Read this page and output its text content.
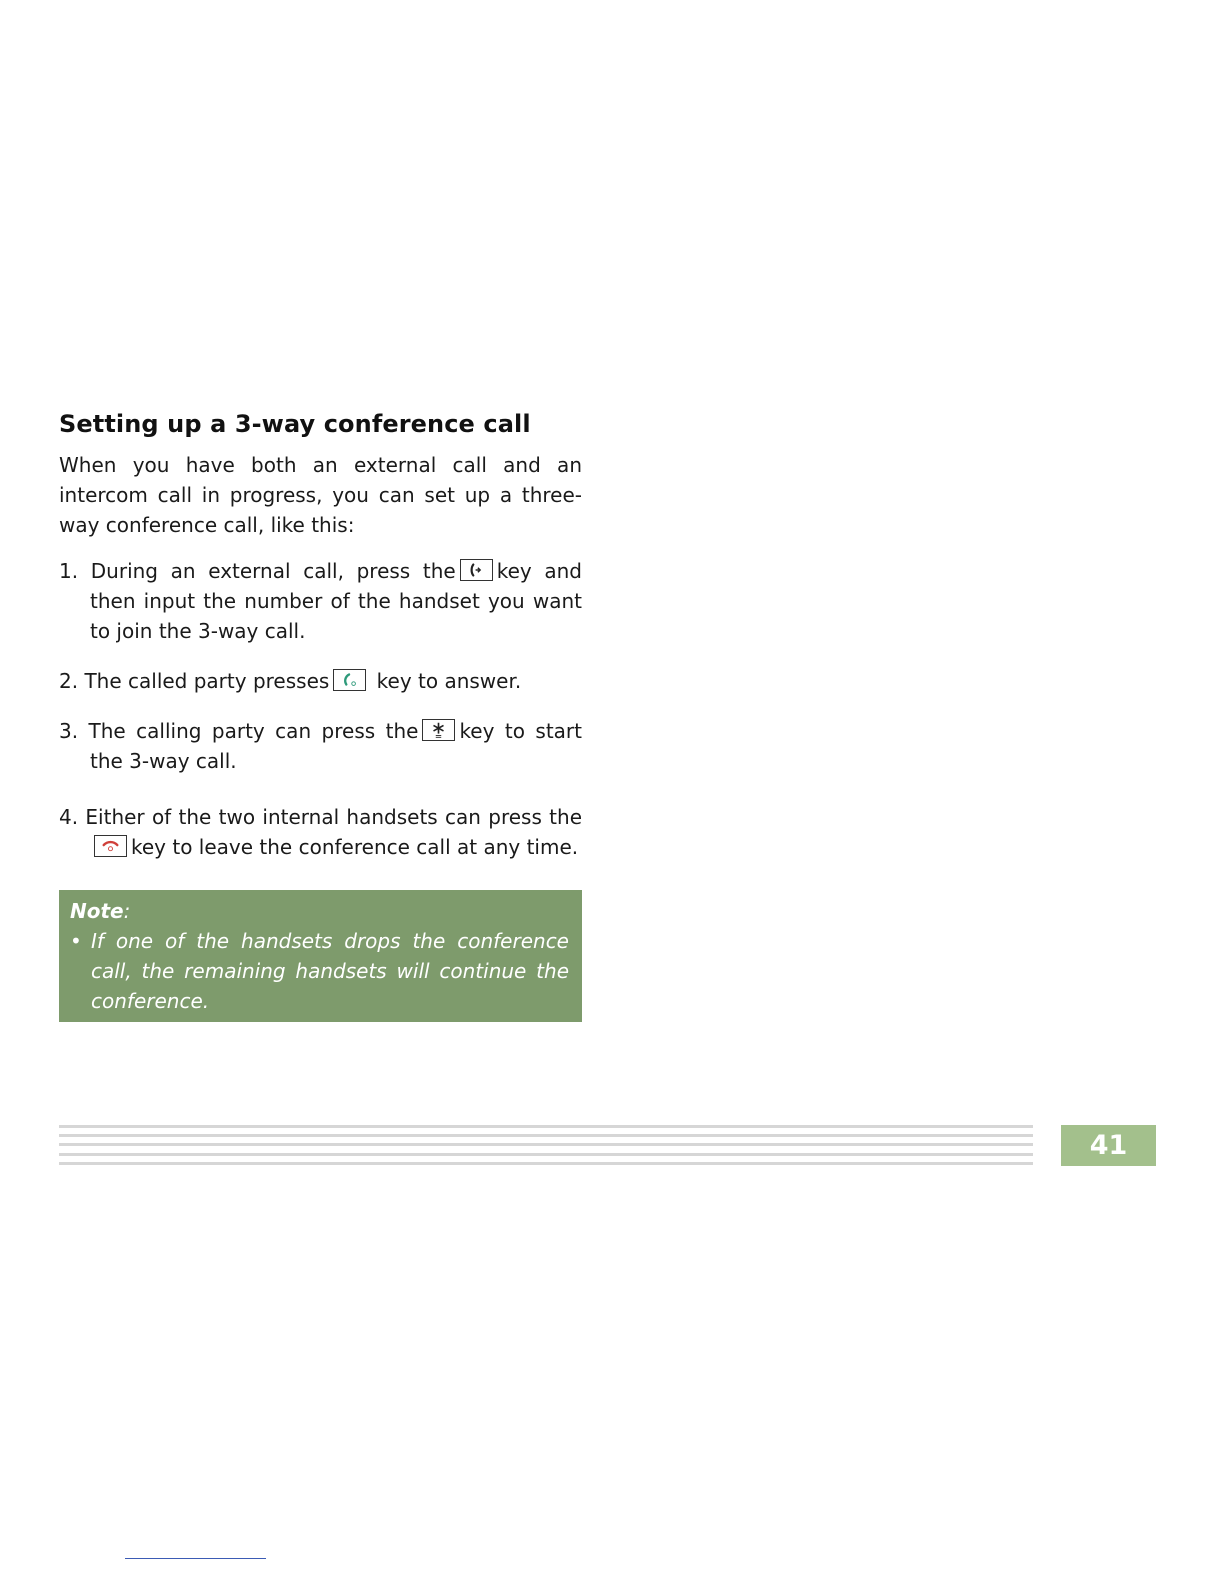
Setting up a 3-way conference call

When you have both an external call and an intercom call in progress, you can set up a three-way conference call, like this:

1. During an external call, press the key and then input the number of the handset you want to join the 3-way call.

2. The called party presses key to answer.

3. The calling party can press the key to start the 3-way call.

4. Either of the two internal handsets can press the
key to leave the conference call at any time.

Note:
• If one of the handsets drops the conference call, the remaining handsets will continue the conference.
41
